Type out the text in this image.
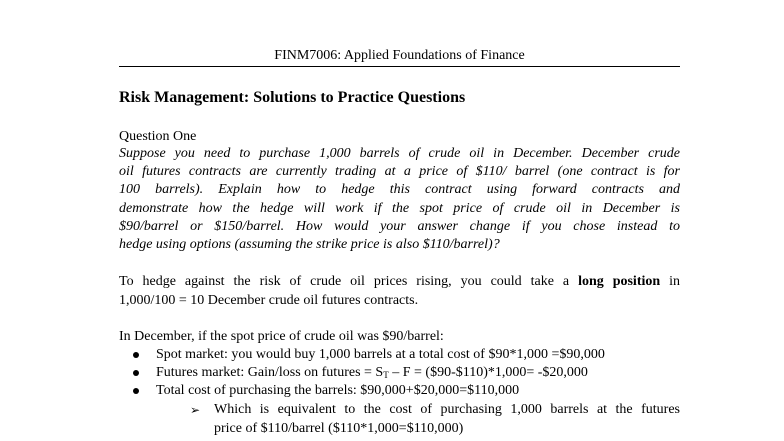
FINM7006: Applied Foundations of Finance
Risk Management: Solutions to Practice Questions
Question One
Suppose you need to purchase 1,000 barrels of crude oil in December. December crude
oil futures contracts are currently trading at a price of $110/ barrel (one contract is for
100 barrels). Explain how to hedge this contract using forward contracts and
demonstrate how the hedge will work if the spot price of crude oil in December is
$90/barrel or $150/barrel. How would your answer change if you chose instead to
hedge using options (assuming the strike price is also $110/barrel)?
To hedge against the risk of crude oil prices rising, you could take a long position in
1,000/100 = 10 December crude oil futures contracts.
In December, if the spot price of crude oil was $90/barrel:
Spot market: you would buy 1,000 barrels at a total cost of $90*1,000 =$90,000
Futures market: Gain/loss on futures = $S_T$ – F = ($90-$110)*1,000= -$20,000
Total cost of purchasing the barrels: $90,000+$20,000=$110,000
➢ Which is equivalent to the cost of purchasing 1,000 barrels at the futures
price of $110/barrel ($110*1,000=$110,000)
